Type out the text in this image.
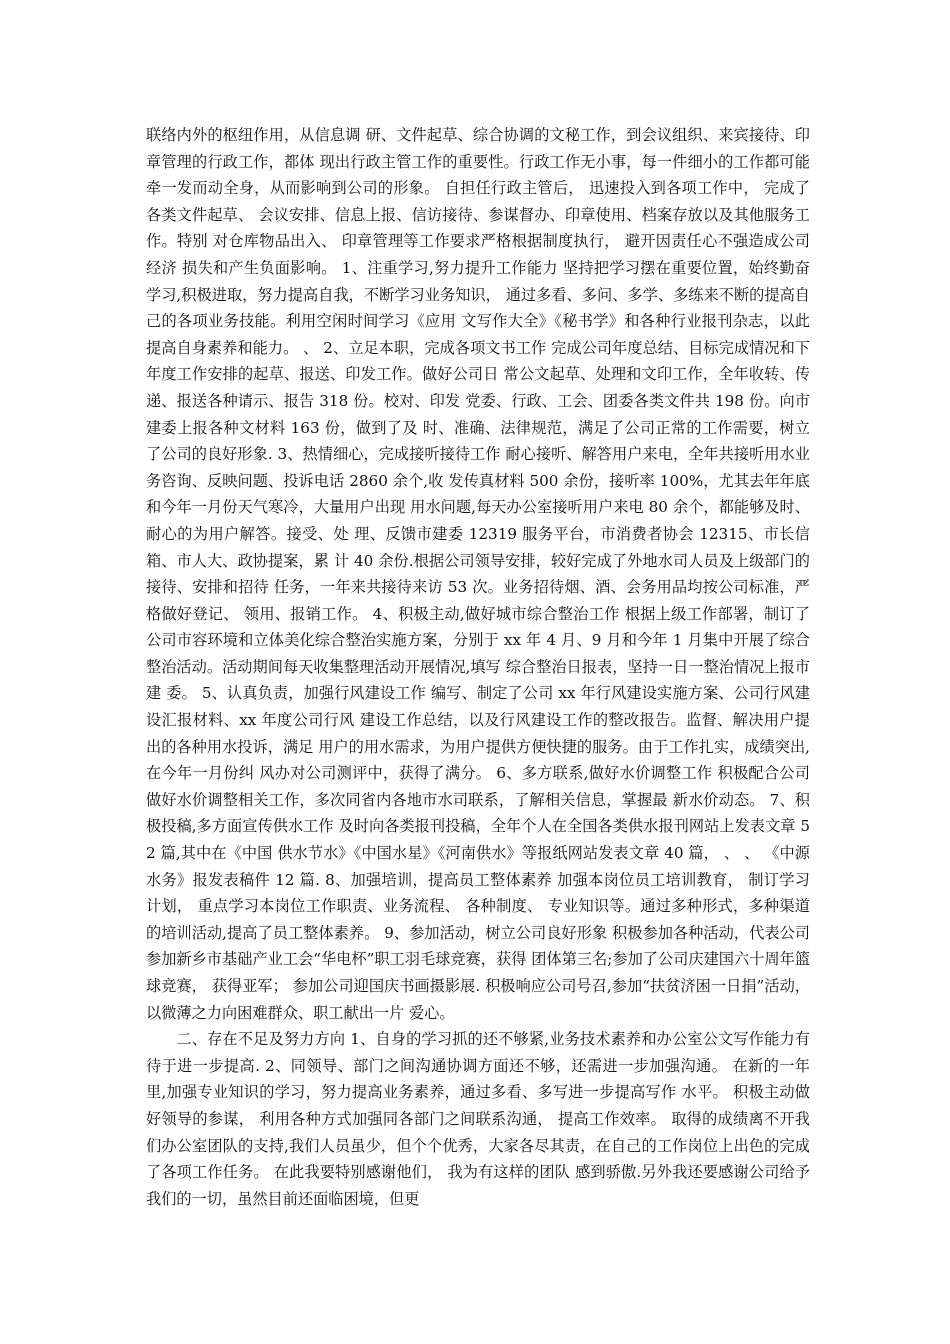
联络内外的枢纽作用，从信息调 研、文件起草、综合协调的文秘工作，到会议组织、来宾接待、印章管理的行政工作，都体 现出行政主管工作的重要性。行政工作无小事，每一件细小的工作都可能牵一发而动全身，从而影响到公司的形象。 自担任行政主管后， 迅速投入到各项工作中， 完成了各类文件起草、 会议安排、信息上报、信访接待、参谋督办、印章使用、档案存放以及其他服务工作。特别 对仓库物品出入、 印章管理等工作要求严格根据制度执行， 避开因责任心不强造成公司经济 损失和产生负面影响。 1、注重学习,努力提升工作能力 坚持把学习摆在重要位置，始终勤奋学习,积极进取，努力提高自我，不断学习业务知识， 通过多看、多问、多学、多练来不断的提高自己的各项业务技能。利用空闲时间学习《应用 文写作大全》《秘书学》和各种行业报刊杂志，以此提高自身素养和能力。 、 2、立足本职，完成各项文书工作 完成公司年度总结、目标完成情况和下年度工作安排的起草、报送、印发工作。做好公司日 常公文起草、处理和文印工作，全年收转、传递、报送各种请示、报告 318 份。校对、印发 党委、行政、工会、团委各类文件共 198 份。向市建委上报各种文材料 163 份，做到了及 时、准确、法律规范，满足了公司正常的工作需要，树立了公司的良好形象. 3、热情细心，完成接听接待工作 耐心接听、解答用户来电，全年共接听用水业务咨询、反映问题、投诉电话 2860 余个,收 发传真材料 500 余份，接听率 100%，尤其去年年底和今年一月份天气寒冷，大量用户出现 用水问题,每天办公室接听用户来电 80 余个，都能够及时、耐心的为用户解答。接受、处 理、反馈市建委 12319 服务平台，市消费者协会 12315、市长信箱、市人大、政协提案，累 计 40 余份.根据公司领导安排，较好完成了外地水司人员及上级部门的接待、安排和招待 任务，一年来共接待来访 53 次。业务招待烟、酒、会务用品均按公司标准，严格做好登记、 领用、报销工作。 4、积极主动,做好城市综合整治工作 根据上级工作部署，制订了公司市容环境和立体美化综合整治实施方案，分别于 xx 年 4 月、9 月和今年 1 月集中开展了综合整治活动。活动期间每天收集整理活动开展情况,填写 综合整治日报表，坚持一日一整治情况上报市建 委。 5、认真负责，加强行风建设工作 编写、制定了公司 xx 年行风建设实施方案、公司行风建设汇报材料、xx 年度公司行风 建设工作总结，以及行风建设工作的整改报告。监督、解决用户提出的各种用水投诉，满足 用户的用水需求，为用户提供方便快捷的服务。由于工作扎实，成绩突出,在今年一月份纠 风办对公司测评中，获得了满分。 6、多方联系,做好水价调整工作 积极配合公司做好水价调整相关工作，多次同省内各地市水司联系，了解相关信息，掌握最 新水价动态。 7、积极投稿,多方面宣传供水工作 及时向各类报刊投稿，全年个人在全国各类供水报刊网站上发表文章 52 篇,其中在《中国 供水节水》《中国水星》《河南供水》等报纸网站发表文章 40 篇， 、 、 《中源水务》报发表稿件 12 篇. 8、加强培训，提高员工整体素养 加强本岗位员工培训教育， 制订学习计划， 重点学习本岗位工作职责、业务流程、 各种制度、 专业知识等。通过多种形式，多种渠道的培训活动,提高了员工整体素养。 9、参加活动，树立公司良好形象 积极参加各种活动，代表公司参加新乡市基础产业工会“华电杯”职工羽毛球竞赛，获得 团体第三名;参加了公司庆建国六十周年篮球竞赛， 获得亚军； 参加公司迎国庆书画摄影展. 积极响应公司号召,参加“扶贫济困一日捐”活动，以微薄之力向困难群众、职工献出一片 爱心。

二、存在不足及努力方向 1、自身的学习抓的还不够紧,业务技术素养和办公室公文写作能力有待于进一步提高. 2、同领导、部门之间沟通协调方面还不够，还需进一步加强沟通。 在新的一年里,加强专业知识的学习，努力提高业务素养，通过多看、多写进一步提高写作 水平。 积极主动做好领导的参谋， 利用各种方式加强同各部门之间联系沟通， 提高工作效率。 取得的成绩离不开我们办公室团队的支持,我们人员虽少，但个个优秀，大家各尽其责，在自己的工作岗位上出色的完成了各项工作任务。 在此我要特别感谢他们， 我为有这样的团队 感到骄傲.另外我还要感谢公司给予我们的一切，虽然目前还面临困境，但更
